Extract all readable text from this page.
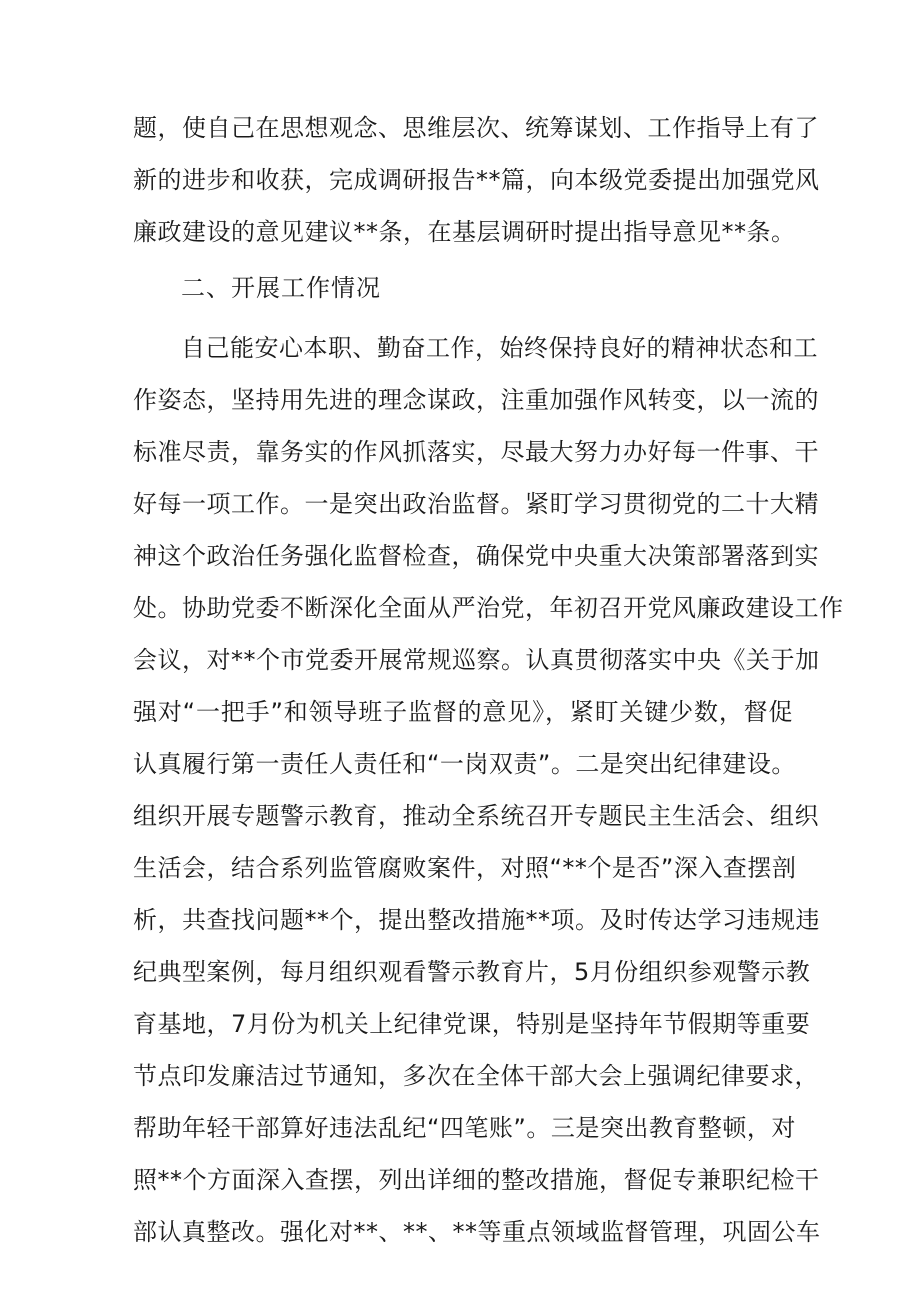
题，使自己在思想观念、思维层次、统筹谋划、工作指导上有了
新的进步和收获，完成调研报告**篇，向本级党委提出加强党风
廉政建设的意见建议**条，在基层调研时提出指导意见**条。
二、开展工作情况
自己能安心本职、勤奋工作，始终保持良好的精神状态和工
作姿态，坚持用先进的理念谋政，注重加强作风转变，以一流的
标准尽责，靠务实的作风抓落实，尽最大努力办好每一件事、干
好每一项工作。一是突出政治监督。紧盯学习贯彻党的二十大精
神这个政治任务强化监督检查，确保党中央重大决策部署落到实
处。协助党委不断深化全面从严治党，年初召开党风廉政建设工作
会议，对**个市党委开展常规巡察。认真贯彻落实中央《关于加
强对“一把手”和领导班子监督的意见》，紧盯关键少数，督促
认真履行第一责任人责任和“一岗双责”。二是突出纪律建设。
组织开展专题警示教育，推动全系统召开专题民主生活会、组织
生活会，结合系列监管腐败案件，对照“**个是否”深入查摆剖
析，共查找问题**个，提出整改措施**项。及时传达学习违规违
纪典型案例，每月组织观看警示教育片，5月份组织参观警示教
育基地，7月份为机关上纪律党课，特别是坚持年节假期等重要
节点印发廉洁过节通知，多次在全体干部大会上强调纪律要求，
帮助年轻干部算好违法乱纪“四笔账”。三是突出教育整顿，对
照**个方面深入查摆，列出详细的整改措施，督促专兼职纪检干
部认真整改。强化对**、**、**等重点领域监督管理，巩固公车
